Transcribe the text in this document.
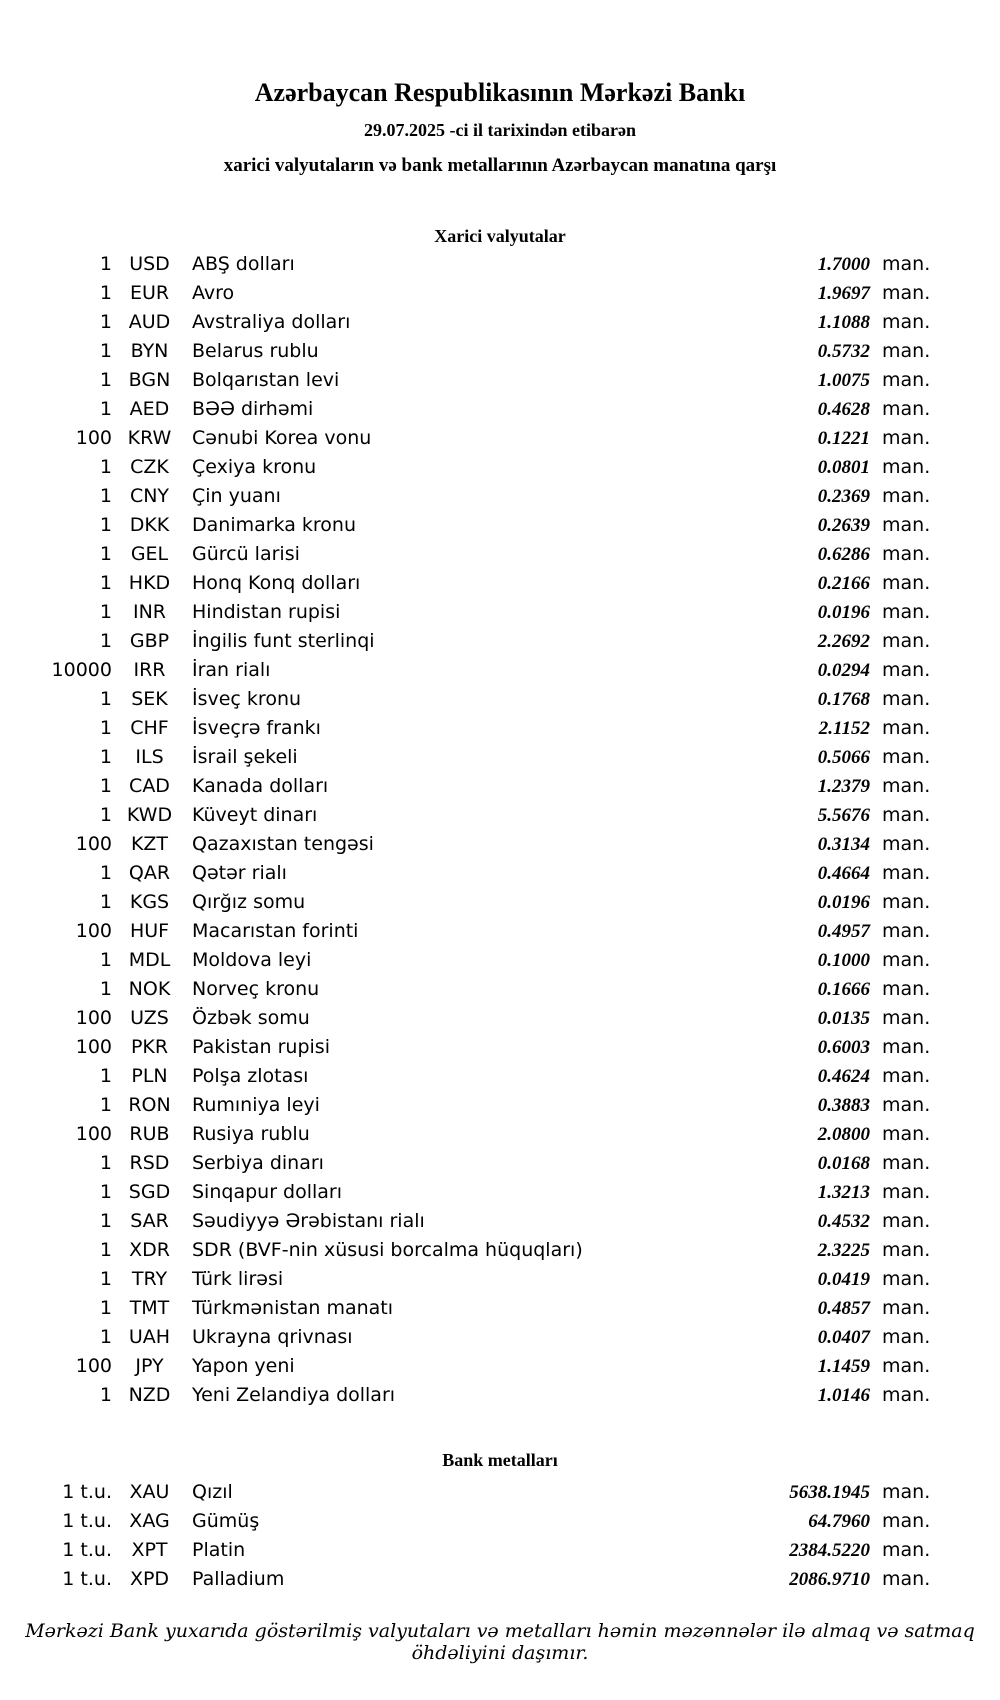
Azərbaycan Respublikasının Mərkəzi Bankı
29.07.2025 -ci il tarixindən etibarən
xarici valyutaların və bank metallarının Azərbaycan manatına qarşı
Xarici valyutalar
1 USD	ABŞ dolları	1.7000 man.
1 EUR	Avro	1.9697 man.
1 AUD	Avstraliya dolları	1.1088 man.
1 BYN	Belarus rublu	0.5732 man.
1 BGN	Bolqarıstan levi	1.0075 man.
1 AED	BƏƏ dirhəmi	0.4628 man.
100 KRW	Cənubi Korea vonu	0.1221 man.
1 CZK	Çexiya kronu	0.0801 man.
1 CNY	Çin yuanı	0.2369 man.
1 DKK	Danimarka kronu	0.2639 man.
1 GEL	Gürcü larisi	0.6286 man.
1 HKD	Honq Konq dolları	0.2166 man.
1	INR	Hindistan rupisi	0.0196 man.
1 GBP	İngilis funt sterlinqi	2.2692 man.
10000	IRR	İran rialı	0.0294 man.
1	SEK	İsveç kronu	0.1768 man.
1 CHF	İsveçrə frankı	2.1152 man.
1	ILS	İsrail şekeli	0.5066 man.
1 CAD	Kanada dolları	1.2379 man.
1 KWD	Küveyt dinarı	5.5676 man.
100 KZT	Qazaxıstan tengəsi	0.3134 man.
1 QAR	Qətər rialı	0.4664 man.
1 KGS	Qırğız somu	0.0196 man.
100 HUF	Macarıstan forinti	0.4957 man.
1 MDL	Moldova leyi	0.1000 man.
1 NOK	Norveç kronu	0.1666 man.
100 UZS	Özbək somu	0.0135 man.
100 PKR	Pakistan rupisi	0.6003 man.
1	PLN	Polşa zlotası	0.4624 man.
1 RON	Rumıniya leyi	0.3883 man.
100 RUB	Rusiya rublu	2.0800 man.
1 RSD	Serbiya dinarı	0.0168 man.
1 SGD	Sinqapur dolları	1.3213 man.
1 SAR	Səudiyyə Ərəbistanı rialı	0.4532 man.
1 XDR	SDR (BVF-nin xüsusi borcalma hüquqları)	2.3225 man.
1	TRY	Türk lirəsi	0.0419 man.
1 TMT	Türkmənistan manatı	0.4857 man.
1 UAH	Ukrayna qrivnası	0.0407 man.
100	JPY	Yapon yeni	1.1459 man.
1 NZD	Yeni Zelandiya dolları	1.0146 man.
Bank metalları
1 t.u. XAU	Qızıl	5638.1945 man.
1 t.u. XAG	Gümüş	64.7960 man.
1 t.u.	XPT	Platin	2384.5220 man.
1 t.u. XPD	Palladium	2086.9710 man.
Mərkəzi Bank yuxarıda göstərilmiş valyutaları və metalları həmin məzənnələr ilə almaq və satmaq öhdəliyini daşımır.
